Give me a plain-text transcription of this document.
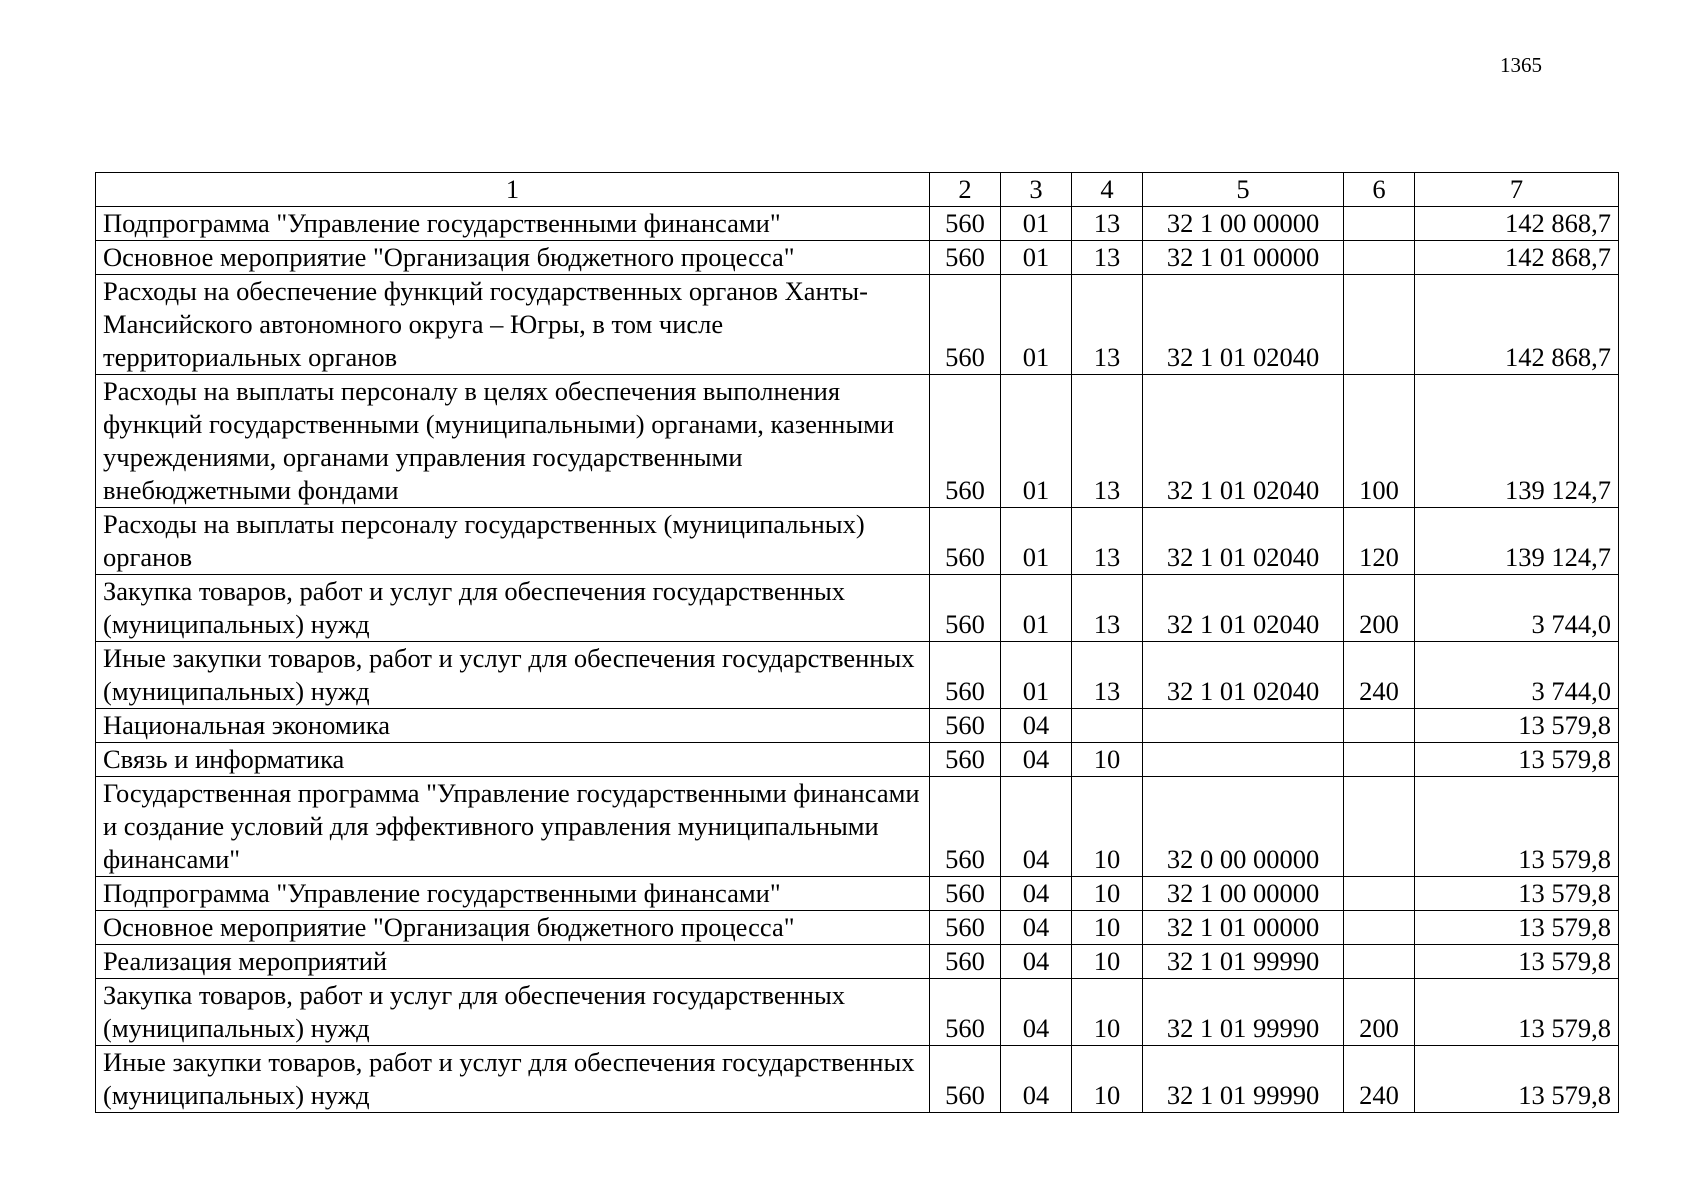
1365
1	2	3	4	5	6	7
Подпрограмма "Управление государственными финансами"	560	01	13	32 1 00 00000		142 868,7
Основное мероприятие "Организация бюджетного процесса"	560	01	13	32 1 01 00000		142 868,7
Расходы на обеспечение функций государственных органов Ханты-Мансийского автономного округа – Югры, в том числе территориальных органов	560	01	13	32 1 01 02040		142 868,7
Расходы на выплаты персоналу в целях обеспечения выполнения функций государственными (муниципальными) органами, казенными учреждениями, органами управления государственными внебюджетными фондами	560	01	13	32 1 01 02040	100	139 124,7
Расходы на выплаты персоналу государственных (муниципальных) органов	560	01	13	32 1 01 02040	120	139 124,7
Закупка товаров, работ и услуг для обеспечения государственных (муниципальных) нужд	560	01	13	32 1 01 02040	200	3 744,0
Иные закупки товаров, работ и услуг для обеспечения государственных (муниципальных) нужд	560	01	13	32 1 01 02040	240	3 744,0
Национальная экономика	560	04				13 579,8
Связь и информатика	560	04	10			13 579,8
Государственная программа "Управление государственными финансами и создание условий для эффективного управления муниципальными финансами"	560	04	10	32 0 00 00000		13 579,8
Подпрограмма "Управление государственными финансами"	560	04	10	32 1 00 00000		13 579,8
Основное мероприятие "Организация бюджетного процесса"	560	04	10	32 1 01 00000		13 579,8
Реализация мероприятий	560	04	10	32 1 01 99990		13 579,8
Закупка товаров, работ и услуг для обеспечения государственных (муниципальных) нужд	560	04	10	32 1 01 99990	200	13 579,8
Иные закупки товаров, работ и услуг для обеспечения государственных (муниципальных) нужд	560	04	10	32 1 01 99990	240	13 579,8
